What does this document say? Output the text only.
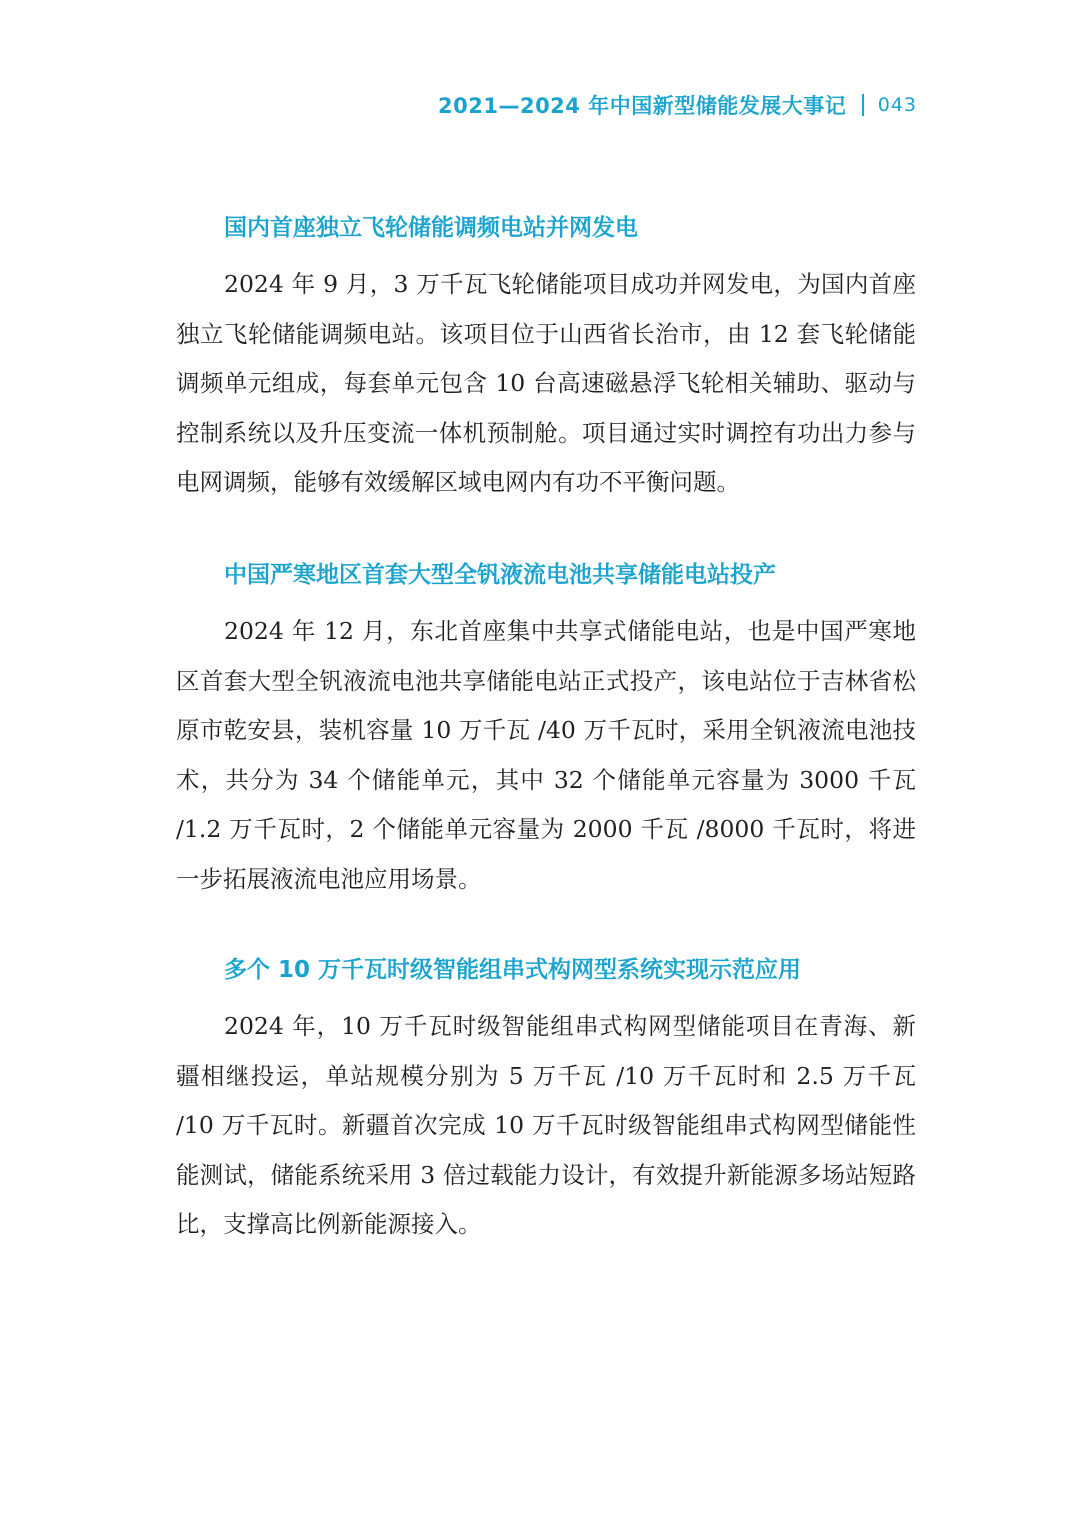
2021—2024 年中国新型储能发展大事记 043
国内首座独立飞轮储能调频电站并网发电

2024 年 9 月，3 万千瓦飞轮储能项目成功并网发电，为国内首座独立飞轮储能调频电站。该项目位于山西省长治市，由 12 套飞轮储能调频单元组成，每套单元包含 10 台高速磁悬浮飞轮相关辅助、驱动与控制系统以及升压变流一体机预制舱。项目通过实时调控有功出力参与电网调频，能够有效缓解区域电网内有功不平衡问题。

中国严寒地区首套大型全钒液流电池共享储能电站投产

2024 年 12 月，东北首座集中共享式储能电站，也是中国严寒地区首套大型全钒液流电池共享储能电站正式投产，该电站位于吉林省松原市乾安县，装机容量 10 万千瓦 /40 万千瓦时，采用全钒液流电池技术，共分为 34 个储能单元，其中 32 个储能单元容量为 3000 千瓦 /1.2 万千瓦时，2 个储能单元容量为 2000 千瓦 /8000 千瓦时，将进一步拓展液流电池应用场景。

多个 10 万千瓦时级智能组串式构网型系统实现示范应用

2024 年，10 万千瓦时级智能组串式构网型储能项目在青海、新疆相继投运，单站规模分别为 5 万千瓦 /10 万千瓦时和 2.5 万千瓦 /10 万千瓦时。新疆首次完成 10 万千瓦时级智能组串式构网型储能性能测试，储能系统采用 3 倍过载能力设计，有效提升新能源多场站短路比，支撑高比例新能源接入。
